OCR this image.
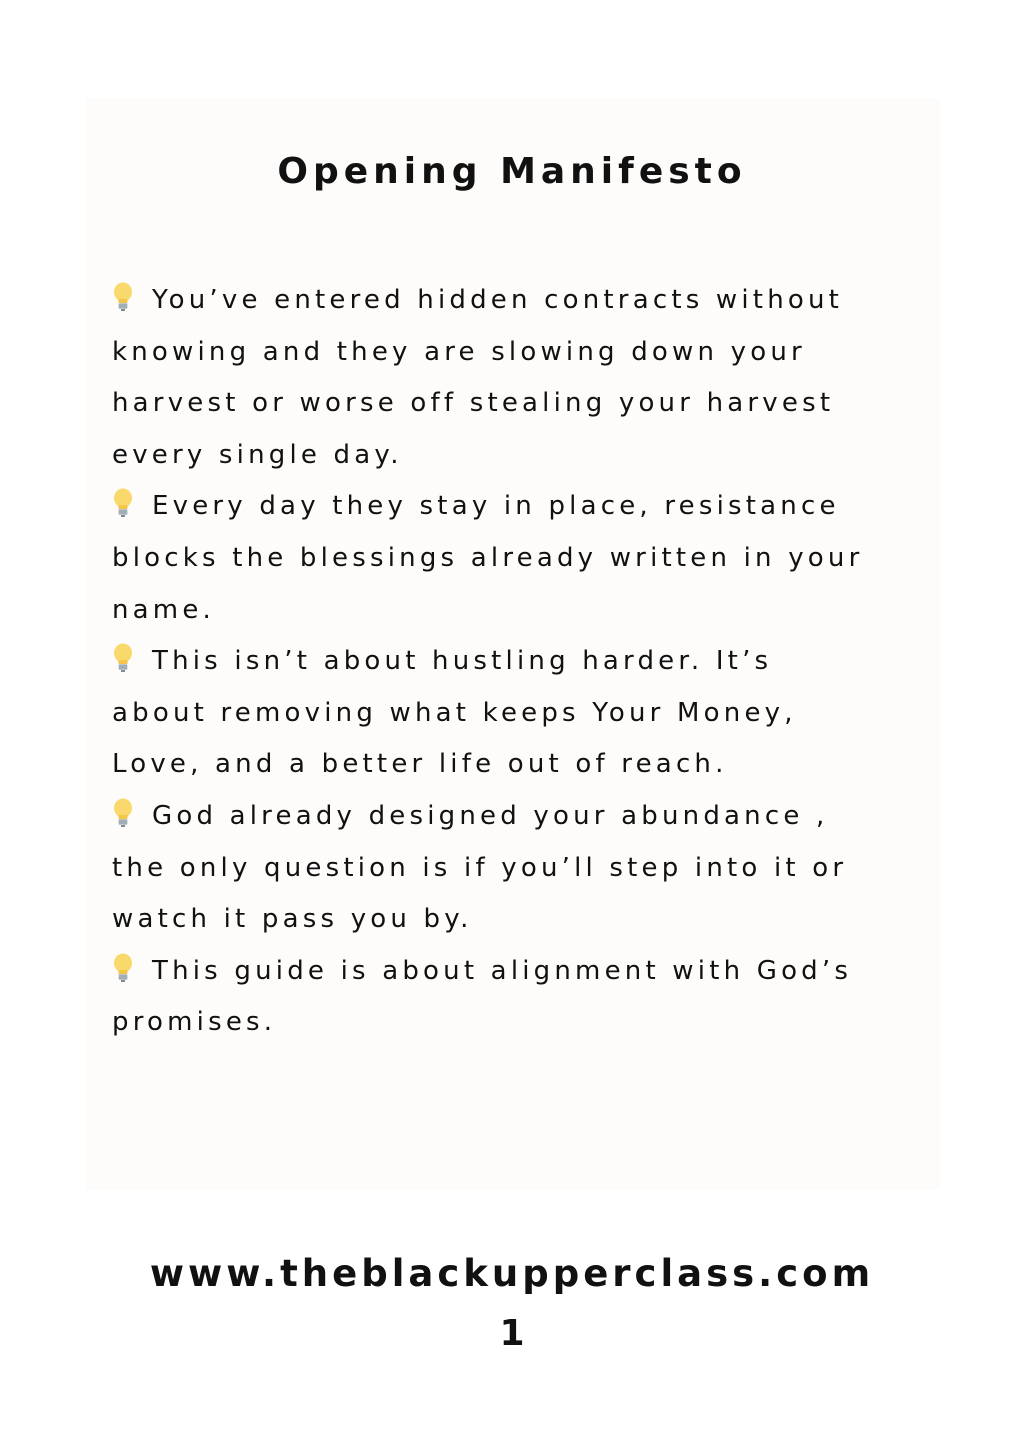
Opening Manifesto
You’ve entered hidden contracts without
knowing and they are slowing down your
harvest or worse off stealing your harvest
every single day.
Every day they stay in place, resistance
blocks the blessings already written in your
name.
This isn’t about hustling harder. It’s
about removing what keeps Your Money,
Love, and a better life out of reach.
God already designed your abundance ,
the only question is if you’ll step into it or
watch it pass you by.
This guide is about alignment with God’s
promises.
www.theblackupperclass.com
1
